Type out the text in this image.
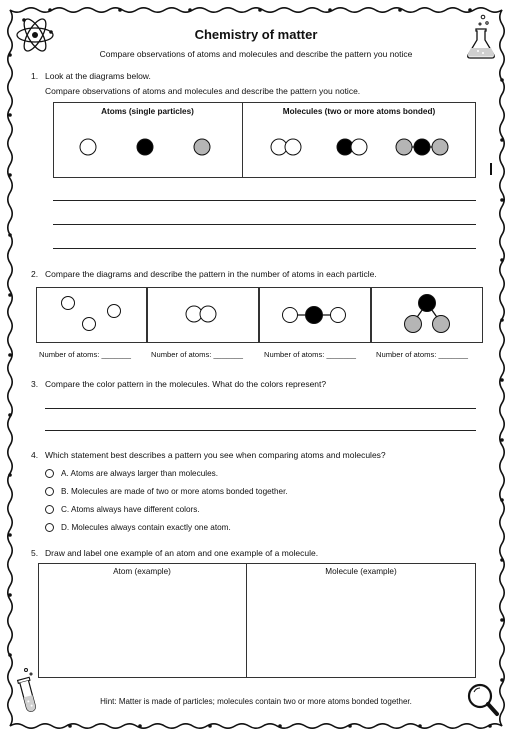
Chemistry of matter
Compare observations of atoms and molecules and describe the pattern you notice
1. Look at the diagrams below.
Compare observations of atoms and molecules and describe the pattern you notice.
Atoms (single particles)	Molecules (two or more atoms bonded)
2. Compare the diagrams and describe the pattern in the number of atoms in each particle.
Number of atoms: _______	Number of atoms: _______	Number of atoms: _______	Number of atoms: _______
3. Compare the color pattern in the molecules. What do the colors represent?
4. Which statement best describes a pattern you see when comparing atoms and molecules?
A. Atoms are always larger than molecules.
B. Molecules are made of two or more atoms bonded together.
C. Atoms always have different colors.
D. Molecules always contain exactly one atom.
5. Draw and label one example of an atom and one example of a molecule.
Atom (example)	Molecule (example)
Hint: Matter is made of particles; molecules contain two or more atoms bonded together.
